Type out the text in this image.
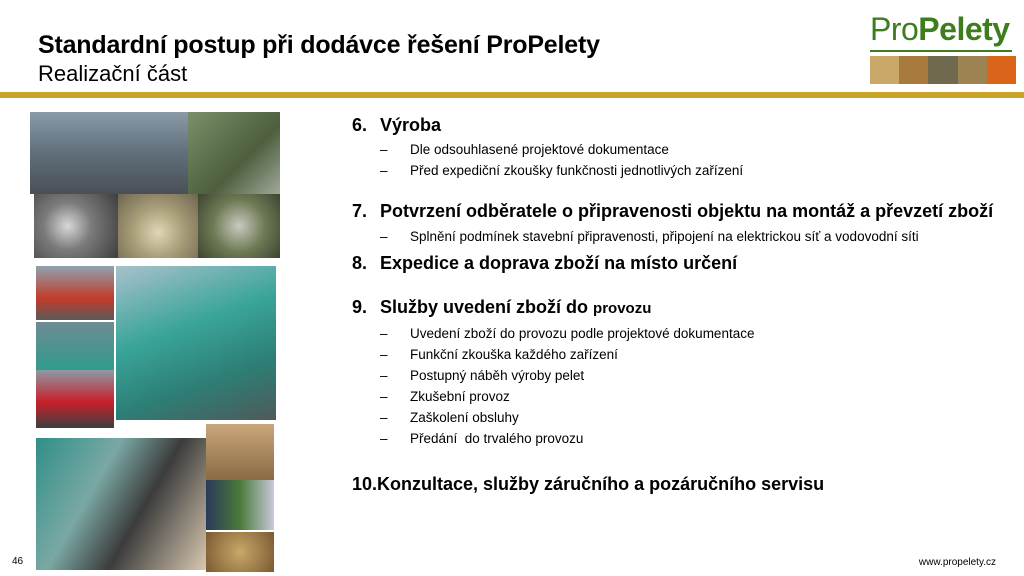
Standardní postup při dodávce řešení ProPelety
Realizační část
ProPelety
6. Výroba
–	Dle odsouhlasené projektové dokumentace
–	Před expediční zkoušky funkčnosti jednotlivých zařízení
7. Potvrzení odběratele o připravenosti objektu na montáž a převzetí zboží
–	Splnění podmínek stavební připravenosti, připojení na elektrickou síť a vodovodní síti
8. Expedice a doprava zboží na místo určení
9. Služby uvedení zboží do provozu
–	Uvedení zboží do provozu podle projektové dokumentace
–	Funkční zkouška každého zařízení
–	Postupný náběh výroby pelet
–	Zkušební provoz
–	Zaškolení obsluhy
–	Předání  do trvalého provozu
10. Konzultace, služby záručního a pozáručního servisu
46	www.propelety.cz
